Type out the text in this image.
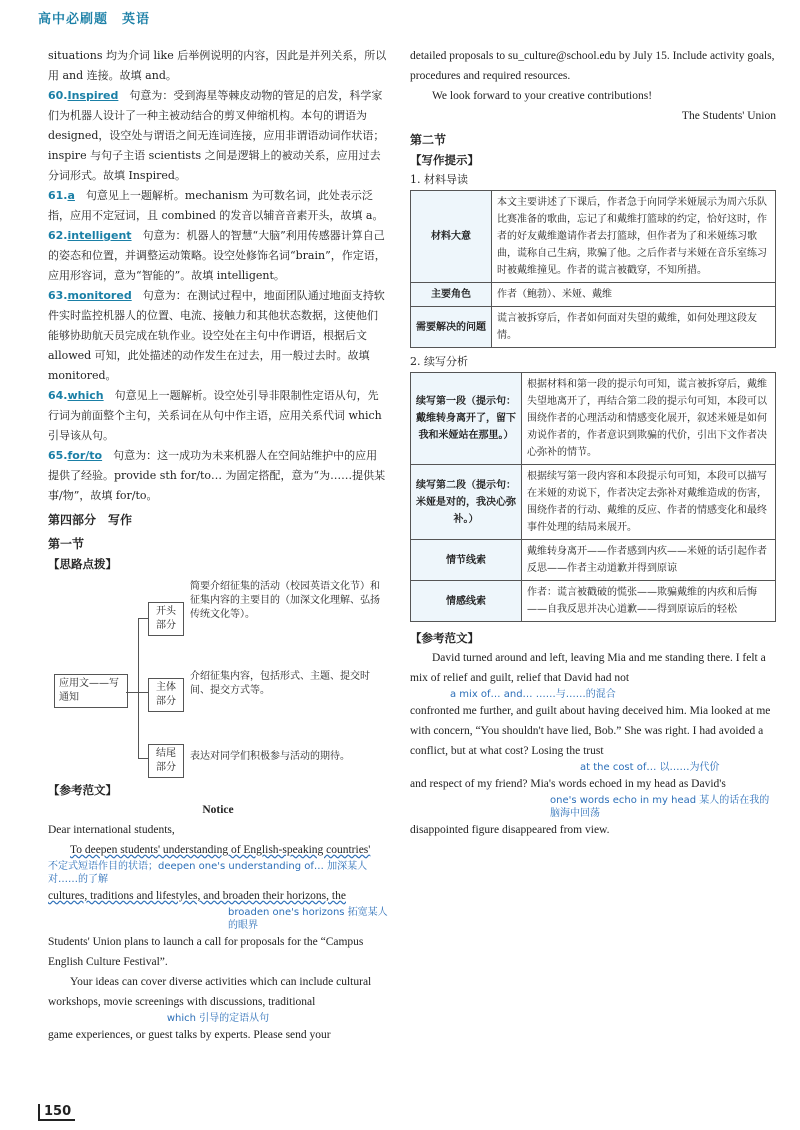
高中必刷题 英语

situations 均为介词 like 后举例说明的内容，因此是并列关系，所以用 and 连接。故填 and。

60.Inspired　 句意为：受到海星等棘皮动物的管足的启发，科学家们为机器人设计了一种主被动结合的剪叉伸缩机构。本句的谓语为 designed，设空处与谓语之间无连词连接，应用非谓语动词作状语；inspire 与句子主语 scientists 之间是逻辑上的被动关系，应用过去分词形式。故填 Inspired。
61.a　 句意见上一题解析。mechanism 为可数名词，此处表示泛指，应用不定冠词，且 combined 的发音以辅音音素开头，故填 a。
62.intelligent　 句意为：机器人的智慧“大脑”利用传感器计算自己的姿态和位置，并调整运动策略。设空处修饰名词“brain”，作定语，应用形容词，意为“智能的”。故填 intelligent。
63.monitored　 句意为：在测试过程中，地面团队通过地面支持软件实时监控机器人的位置、电流、接触力和其他状态数据，这使他们能够协助航天员完成在轨作业。设空处在主句中作谓语，根据后文 allowed 可知，此处描述的动作发生在过去，用一般过去时。故填 monitored。
64.which　 句意见上一题解析。设空处引导非限制性定语从句，先行词为前面整个主句，关系词在从句中作主语，应用关系代词 which 引导该从句。
65.for/to　 句意为：这一成功为未来机器人在空间站维护中的应用提供了经验。provide sth for/to… 为固定搭配，意为“为……提供某事/物”，故填 for/to。
第四部分　写作
第一节
【思路点拨】
应用文——写通知
开头部分
主体部分
结尾部分
简要介绍征集的活动（校园英语文化节）和征集内容的主要目的（加深文化理解、弘扬传统文化等）。
介绍征集内容，包括形式、主题、提交时间、提交方式等。
表达对同学们积极参与活动的期待。
【参考范文】
Notice

Dear international students,

To deepen students' understanding of English-speaking countries'

不定式短语作目的状语；deepen one's understanding of… 加深某人对……的了解

cultures, traditions and lifestyles, and broaden their horizons, the

broaden one's horizons 拓宽某人的眼界

Students' Union plans to launch a call for proposals for the “Campus English Culture Festival”.

Your ideas can cover diverse activities which can include cultural workshops, movie screenings with discussions, traditional

which 引导的定语从句

game experiences, or guest talks by experts. Please send your

detailed proposals to su_culture@school.edu by July 15. Include activity goals, procedures and required resources.

We look forward to your creative contributions!

The Students' Union

第二节
【写作提示】
1. 材料导读
材料大意	本文主要讲述了下课后，作者急于向同学米娅展示为周六乐队比赛准备的歌曲，忘记了和戴维打篮球的约定，恰好这时，作者的好友戴维邀请作者去打篮球，但作者为了和米娅练习歌曲，谎称自己生病，欺骗了他。之后作者与米娅在音乐室练习时被戴维撞见。作者的谎言被戳穿，不知所措。
主要角色	作者（鲍勃）、米娅、戴维
需要解决的问题	谎言被拆穿后，作者如何面对失望的戴维，如何处理这段友情。
2. 续写分析
续写第一段（提示句：戴维转身离开了，留下我和米娅站在那里。）	根据材料和第一段的提示句可知，谎言被拆穿后，戴维失望地离开了，再结合第二段的提示句可知，本段可以围绕作者的心理活动和情感变化展开，叙述米娅是如何劝说作者的，作者意识到欺骗的代价，引出下文作者决心弥补的情节。
续写第二段（提示句：米娅是对的，我决心弥补。）	根据续写第一段内容和本段提示句可知，本段可以描写在米娅的劝说下，作者决定去弥补对戴维造成的伤害，围绕作者的行动、戴维的反应、作者的情感变化和最终事件处理的结局来展开。
情节线索	戴维转身离开——作者感到内疚——米娅的话引起作者反思——作者主动道歉并得到原谅
情感线索	作者：谎言被戳破的慌张——欺骗戴维的内疚和后悔——自我反思并决心道歉——得到原谅后的轻松
【参考范文】

David turned around and left, leaving Mia and me standing there. I felt a mix of relief and guilt, relief that David had not

a mix of… and… ……与……的混合

confronted me further, and guilt about having deceived him. Mia looked at me with concern, “You shouldn't have lied, Bob.” She was right. I had avoided a conflict, but at what cost? Losing the trust

at the cost of… 以……为代价

and respect of my friend? Mia's words echoed in my head as David's

one's words echo in my head 某人的话在我的脑海中回荡

disappointed figure disappeared from view.

150
